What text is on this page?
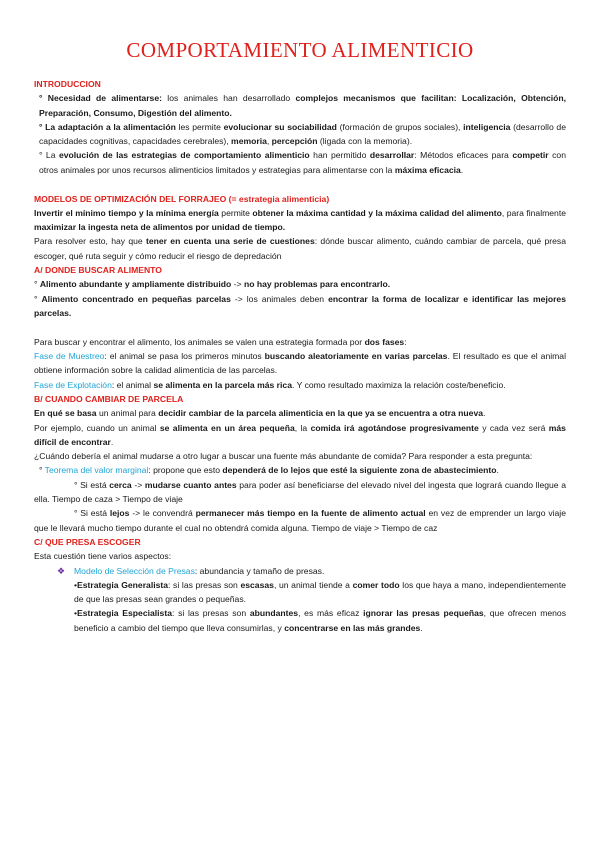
COMPORTAMIENTO ALIMENTICIO

INTRODUCCION

° Necesidad de alimentarse: los animales han desarrollado complejos mecanismos que facilitan: Localización, Obtención, Preparación, Consumo, Digestión del alimento.

° La adaptación a la alimentación les permite evolucionar su sociabilidad (formación de grupos sociales), inteligencia (desarrollo de capacidades cognitivas, capacidades cerebrales), memoria, percepción (ligada con la memoria).

° La evolución de las estrategias de comportamiento alimenticio han permitido desarrollar: Métodos eficaces para competir con otros animales por unos recursos alimenticios limitados y estrategias para alimentarse con la máxima eficacia.

MODELOS DE OPTIMIZACIÓN DEL FORRAJEO (= estrategia alimenticia)

Invertir el mínimo tiempo y la mínima energía permite obtener la máxima cantidad y la máxima calidad del alimento, para finalmente maximizar la ingesta neta de alimentos por unidad de tiempo.

Para resolver esto, hay que tener en cuenta una serie de cuestiones: dónde buscar alimento, cuándo cambiar de parcela, qué presa escoger, qué ruta seguir y cómo reducir el riesgo de depredación

A/ DONDE BUSCAR ALIMENTO

° Alimento abundante y ampliamente distribuido -> no hay problemas para encontrarlo.

° Alimento concentrado en pequeñas parcelas -> los animales deben encontrar la forma de localizar e identificar las mejores parcelas.

Para buscar y encontrar el alimento, los animales se valen una estrategia formada por dos fases:

Fase de Muestreo: el animal se pasa los primeros minutos buscando aleatoriamente en varias parcelas. El resultado es que el animal obtiene información sobre la calidad alimenticia de las parcelas.

Fase de Explotación: el animal se alimenta en la parcela más rica. Y como resultado maximiza la relación coste/beneficio.

B/ CUANDO CAMBIAR DE PARCELA

En qué se basa un animal para decidir cambiar de la parcela alimenticia en la que ya se encuentra a otra nueva.

Por ejemplo, cuando un animal se alimenta en un área pequeña, la comida irá agotándose progresivamente y cada vez será más difícil de encontrar.

¿Cuándo debería el animal mudarse a otro lugar a buscar una fuente más abundante de comida? Para responder a esta pregunta:

° Teorema del valor marginal: propone que esto dependerá de lo lejos que esté la siguiente zona de abastecimiento.

° Si está cerca -> mudarse cuanto antes para poder así beneficiarse del elevado nivel del ingesta que logrará cuando llegue a ella. Tiempo de caza > Tiempo de viaje

° Si está lejos -> le convendrá permanecer más tiempo en la fuente de alimento actual en vez de emprender un largo viaje que le llevará mucho tiempo durante el cual no obtendrá comida alguna. Tiempo de viaje > Tiempo de caz

C/ QUE PRESA ESCOGER

Esta cuestión tiene varios aspectos:

❖ Modelo de Selección de Presas: abundancia y tamaño de presas.

•Estrategia Generalista: si las presas son escasas, un animal tiende a comer todo los que haya a mano, independientemente de que las presas sean grandes o pequeñas.

•Estrategia Especialista: si las presas son abundantes, es más eficaz ignorar las presas pequeñas, que ofrecen menos beneficio a cambio del tiempo que lleva consumirlas, y concentrarse en las más grandes.
